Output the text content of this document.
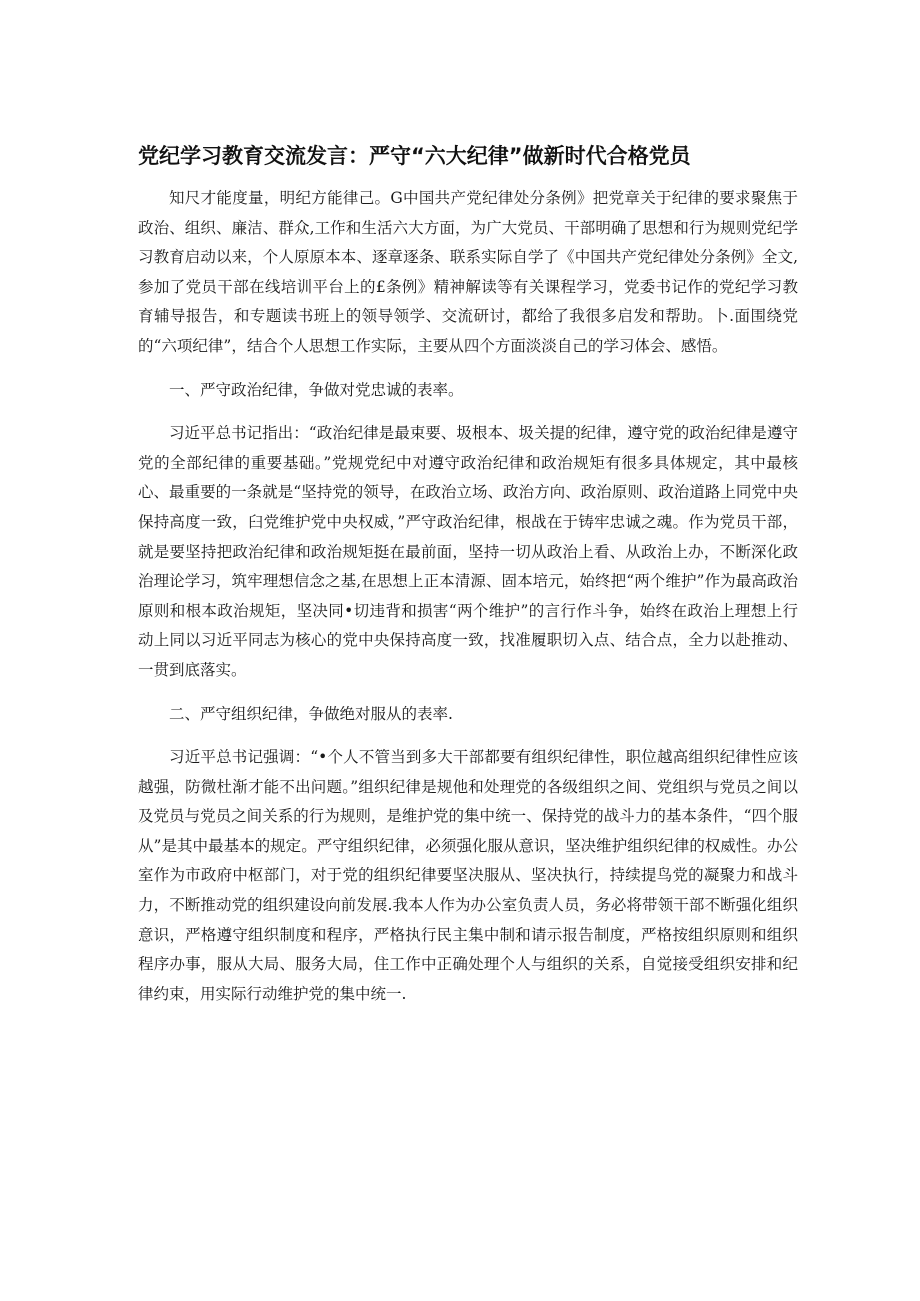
党纪学习教育交流发言：严守“六大纪律”做新时代合格党员

知尺才能度量，明纪方能律己。G中国共产党纪律处分条例》把党章关于纪律的要求聚焦于政治、组织、廉洁、群众,工作和生活六大方面，为广大党员、干部明确了思想和行为规则党纪学习教育启动以来，个人原原本本、逐章逐条、联系实际自学了《中国共产党纪律处分条例》全文,参加了党员干部在线培训平台上的£条例》精神解读等有关课程学习，党委书记作的党纪学习教育辅导报告，和专题读书班上的领导领学、交流研讨，都给了我很多启发和帮助。卜.面围绕党的“六项纪律”，结合个人思想工作实际，主要从四个方面淡淡自己的学习体会、感悟。

一、严守政治纪律，争做对党忠诚的表率。

习近平总书记指出：“政治纪律是最束要、圾根本、圾关提的纪律，遵守党的政治纪律是遵守党的全部纪律的重要基础。”党规党纪中对遵守政治纪律和政治规矩有很多具体规定，其中最核心、最重要的一条就是“坚持党的领导，在政治立场、政治方向、政治原则、政治道路上同党中央保持高度一致，臼党维护党中央权威，”严守政治纪律，根战在于铸牢忠诚之魂。作为党员干部，就是要坚持把政治纪律和政治规矩挺在最前面，坚持一切从政治上看、从政治上办，不断深化政治理论学习，筑牢理想信念之基,在思想上正本清源、固本培元，始终把“两个维护”作为最高政治原则和根本政治规矩，坚决同•切违背和损害“两个维护”的言行作斗争，始终在政治上理想上行动上同以习近平同志为核心的党中央保持高度一致，找准履职切入点、结合点，全力以赴推动、一贯到底落实。

二、严守组织纪律，争做绝对服从的表率.

习近平总书记强调：“•个人不管当到多大干部都要有组织纪律性，职位越高组织纪律性应该越强，防微杜渐才能不出问题。”组织纪律是规他和处理党的各级组织之间、党组织与党员之间以及党员与党员之间关系的行为规则，是维护党的集中统一、保持党的战斗力的基本条件，“四个服从”是其中最基本的规定。严守组织纪律，必须强化服从意识，坚决维护组织纪律的权威性。办公室作为市政府中枢部门，对于党的组织纪律要坚决服从、坚决执行，持续提鸟党的凝聚力和战斗力，不断推动党的组织建设向前发展.我本人作为办公室负责人员，务必将带领干部不断强化组织意识，严格遵守组织制度和程序，严格执行民主集中制和请示报告制度，严格按组织原则和组织程序办事，服从大局、服务大局，住工作中正确处理个人与组织的关系，自觉接受组织安排和纪律约束，用实际行动维护党的集中统一.
